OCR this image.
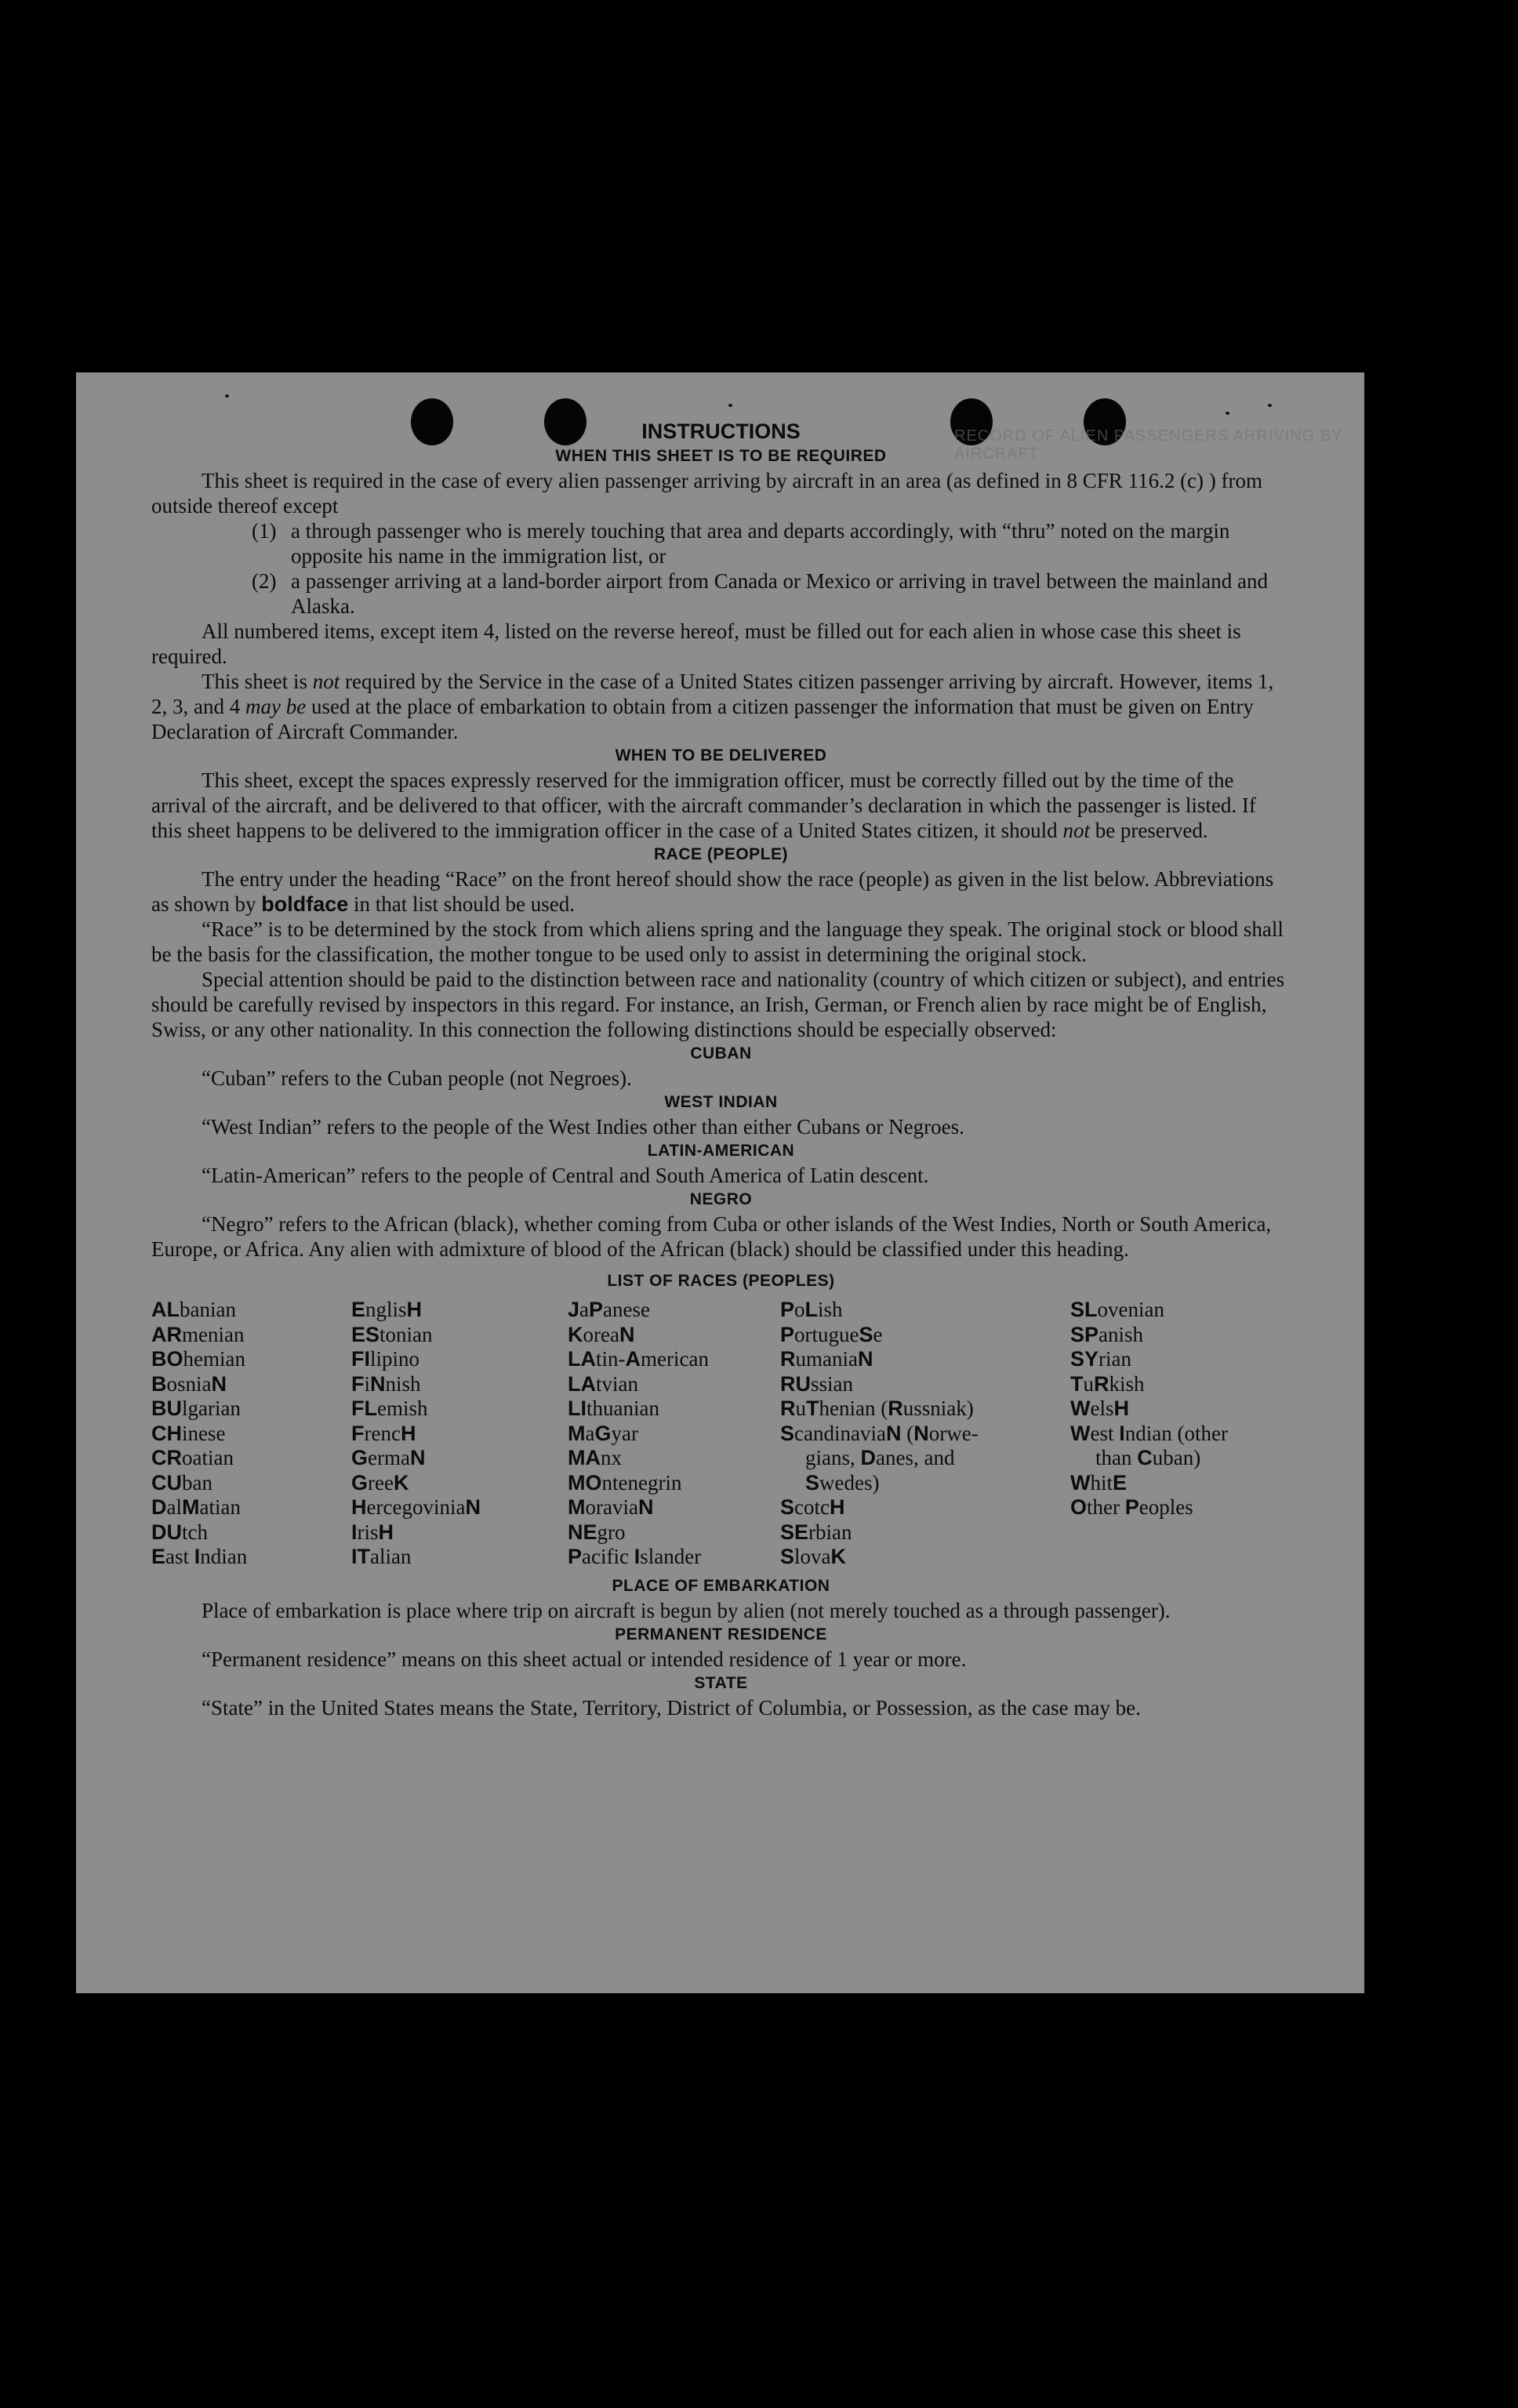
RECORD OF ALIEN PASSENGERS ARRIVING BY AIRCRAFT
INSTRUCTIONS
WHEN THIS SHEET IS TO BE REQUIRED

This sheet is required in the case of every alien passenger arriving by aircraft in an area (as defined in 8 CFR 116.2 (c) ) from outside thereof except

(1) a through passenger who is merely touching that area and departs accordingly, with “thru” noted on the margin opposite his name in the immigration list, or
(2) a passenger arriving at a land-border airport from Canada or Mexico or arriving in travel between the mainland and Alaska.

All numbered items, except item 4, listed on the reverse hereof, must be filled out for each alien in whose case this sheet is required.

This sheet is not required by the Service in the case of a United States citizen passenger arriving by aircraft. However, items 1, 2, 3, and 4 may be used at the place of embarkation to obtain from a citizen passenger the information that must be given on Entry Declaration of Aircraft Commander.

WHEN TO BE DELIVERED

This sheet, except the spaces expressly reserved for the immigration officer, must be correctly filled out by the time of the arrival of the aircraft, and be delivered to that officer, with the aircraft commander’s declaration in which the passenger is listed. If this sheet happens to be delivered to the immigration officer in the case of a United States citizen, it should not be preserved.

RACE (PEOPLE)

The entry under the heading “Race” on the front hereof should show the race (people) as given in the list below. Abbreviations as shown by boldface in that list should be used.

“Race” is to be determined by the stock from which aliens spring and the language they speak. The original stock or blood shall be the basis for the classification, the mother tongue to be used only to assist in determining the original stock.

Special attention should be paid to the distinction between race and nationality (country of which citizen or subject), and entries should be carefully revised by inspectors in this regard. For instance, an Irish, German, or French alien by race might be of English, Swiss, or any other nationality. In this connection the following distinctions should be especially observed:

CUBAN

“Cuban” refers to the Cuban people (not Negroes).

WEST INDIAN

“West Indian” refers to the people of the West Indies other than either Cubans or Negroes.

LATIN-AMERICAN

“Latin-American” refers to the people of Central and South America of Latin descent.

NEGRO

“Negro” refers to the African (black), whether coming from Cuba or other islands of the West Indies, North or South America, Europe, or Africa. Any alien with admixture of blood of the African (black) should be classified under this heading.

LIST OF RACES (PEOPLES)
ALbanian
ARmenian
BOhemian
BosniaN
BUlgarian
CHinese
CRoatian
CUban
DalMatian
DUtch
East Indian
EnglisH
EStonian
FIlipino
FiNnish
FLemish
FrencH
GermaN
GreeK
HercegoviniaN
IrisH
ITalian
JaPanese
KoreaN
LAtin-American
LAtvian
LIthuanian
MaGyar
MAnx
MOntenegrin
MoraviaN
NEgro
Pacific Islander
PoLish
PortugueSe
RumaniaN
RUssian
RuThenian (Russniak)
ScandinaviaN (Norwe-
gians, Danes, and
Swedes)
ScotcH
SErbian
SlovaK
SLovenian
SPanish
SYrian
TuRkish
WelsH
West Indian (other
than Cuban)
WhitE
Other Peoples
PLACE OF EMBARKATION

Place of embarkation is place where trip on aircraft is begun by alien (not merely touched as a through passenger).

PERMANENT RESIDENCE

“Permanent residence” means on this sheet actual or intended residence of 1 year or more.

STATE

“State” in the United States means the State, Territory, District of Columbia, or Possession, as the case may be.
